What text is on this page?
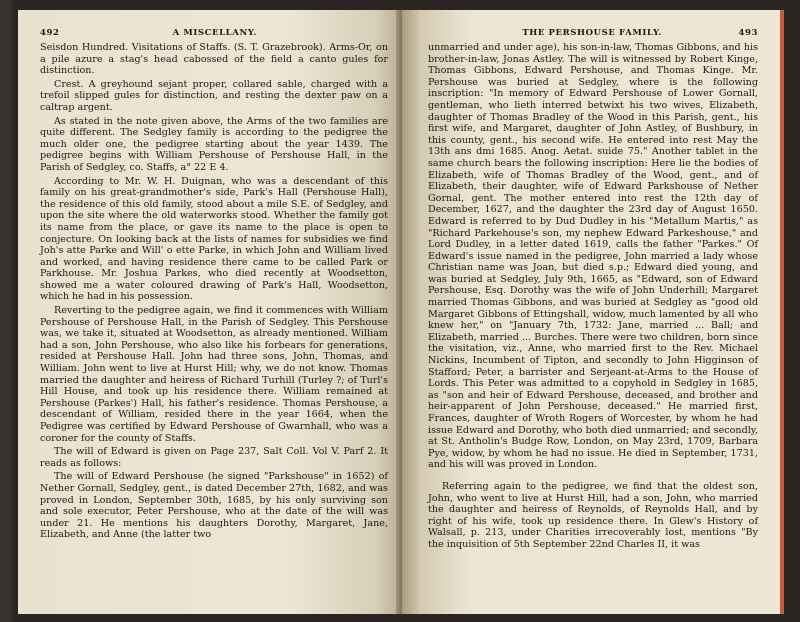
492	A MISCELLANY.

Seisdon Hundred. Visitations of Staffs. (S. T. Grazebrook). Arms-Or, on a pile azure a stag's head cabossed of the field a canto gules for distinction.

Crest. A greyhound sejant proper, collared sable, charged with a trefoil slipped gules for distinction, and resting the dexter paw on a caltrap argent.

As stated in the note given above, the Arms of the two families are quite different. The Sedgley family is according to the pedigree the much older one, the pedigree starting about the year 1439. The pedigree begins with William Pershouse of Pershouse Hall, in the Parish of Sedgley, co. Staffs, a° 22 E 4.

According to Mr. W. H. Duignan, who was a descendant of this family on his great-grandmother's side, Park's Hall (Pershouse Hall), the residence of this old family, stood about a mile S.E. of Sedgley, and upon the site where the old waterworks stood. Whether the family got its name from the place, or gave its name to the place is open to conjecture. On looking back at the lists of names for subsidies we find Joh's atte Parke and Will' o ette Parke, in which John and William lived and worked, and having residence there came to be called Park or Parkhouse. Mr. Joshua Parkes, who died recently at Woodsetton, showed me a water coloured drawing of Park's Hall, Woodsetton, which he had in his possession.

Reverting to the pedigree again, we find it commences with William Pershouse of Pershouse Hall, in the Parish of Sedgley. This Pershouse was, we take it, situated at Woodsetton, as already mentioned. William had a son, John Pershouse, who also like his forbears for generations, resided at Pershouse Hall. John had three sons, John, Thomas, and William. John went to live at Hurst Hill; why, we do not know. Thomas married the daughter and heiress of Richard Turhill (Turley ?; of Turl's Hill House, and took up his residence there. William remained at Pershouse (Parkes') Hall, his father's residence. Thomas Pershouse, a descendant of William, resided there in the year 1664, when the Pedigree was certified by Edward Pershouse of Gwarnhall, who was a coroner for the county of Staffs.

The will of Edward is given on Page 237, Salt Coll. Vol V. Parf 2. It reads as follows:

The will of Edward Pershouse (he signed "Parkshouse" in 1652) of Nether Gornall, Sedgley, gent., is dated December 27th, 1682, and was proved in London, September 30th, 1685, by his only surviving son and sole executor, Peter Pershouse, who at the date of the will was under 21. He mentions his daughters Dorothy, Margaret, Jane, Elizabeth, and Anne (the latter two

THE PERSHOUSE FAMILY.	493

unmarried and under age), his son-in-law, Thomas Gibbons, and his brother-in-law, Jonas Astley. The will is witnessed by Robert Kinge, Thomas Gibbons, Edward Pershouse, and Thomas Kinge. Mr. Pershouse was buried at Sedgley, where is the following inscription: "In memory of Edward Pershouse of Lower Gornall, gentleman, who lieth interred betwixt his two wives, Elizabeth, daughter of Thomas Bradley of the Wood in this Parish, gent., his first wife, and Margaret, daughter of John Astley, of Bushbury, in this county, gent., his second wife. He entered into rest May the 13th ans dmi 1685. Anog. Aetat. suide 75." Another tablet in the same church bears the following inscription: Here lie the bodies of Elizabeth, wife of Thomas Bradley of the Wood, gent., and of Elizabeth, their daughter, wife of Edward Parkshouse of Nether Gornal, gent. The mother entered into rest the 12th day of December, 1627, and the daughter the 23rd day of August 1650. Edward is referred to by Dud Dudley in his "Metallum Martis," as "Richard Parkehouse's son, my nephew Edward Parkeshouse," and Lord Dudley, in a letter dated 1619, calls the father "Parkes." Of Edward's issue named in the pedigree, John married a lady whose Christian name was Joan, but died s.p.; Edward died young, and was buried at Sedgley, July 9th, 1665, as "Edward, son of Edward Pershouse, Esq. Dorothy was the wife of John Underhill; Margaret married Thomas Gibbons, and was buried at Sedgley as "good old Margaret Gibbons of Ettingshall, widow, much lamented by all who knew her," on "January 7th, 1732: Jane, married ... Ball; and Elizabeth, married ... Burches. There were two children, born since the visitation, viz., Anne, who married first to the Rev. Michael Nickins, Incumbent of Tipton, and secondly to John Higginson of Stafford; Peter, a barrister and Serjeant-at-Arms to the House of Lords. This Peter was admitted to a copyhold in Sedgley in 1685, as "son and heir of Edward Pershouse, deceased, and brother and heir-apparent of John Pershouse, deceased." He married first, Frances, daughter of Wroth Rogers of Worcester, by whom he had issue Edward and Dorothy, who both died unmarried; and secondly, at St. Antholin's Budge Row, London, on May 23rd, 1709, Barbara Pye, widow, by whom he had no issue. He died in September, 1731, and his will was proved in London.

Referring again to the pedigree, we find that the oldest son, John, who went to live at Hurst Hill, had a son, John, who married the daughter and heiress of Reynolds, of Reynolds Hall, and by right of his wife, took up residence there. In Glew's History of Walsall, p. 213, under Charities irrecoverably lost, mentions "By the inquisition of 5th September 22nd Charles II, it was
